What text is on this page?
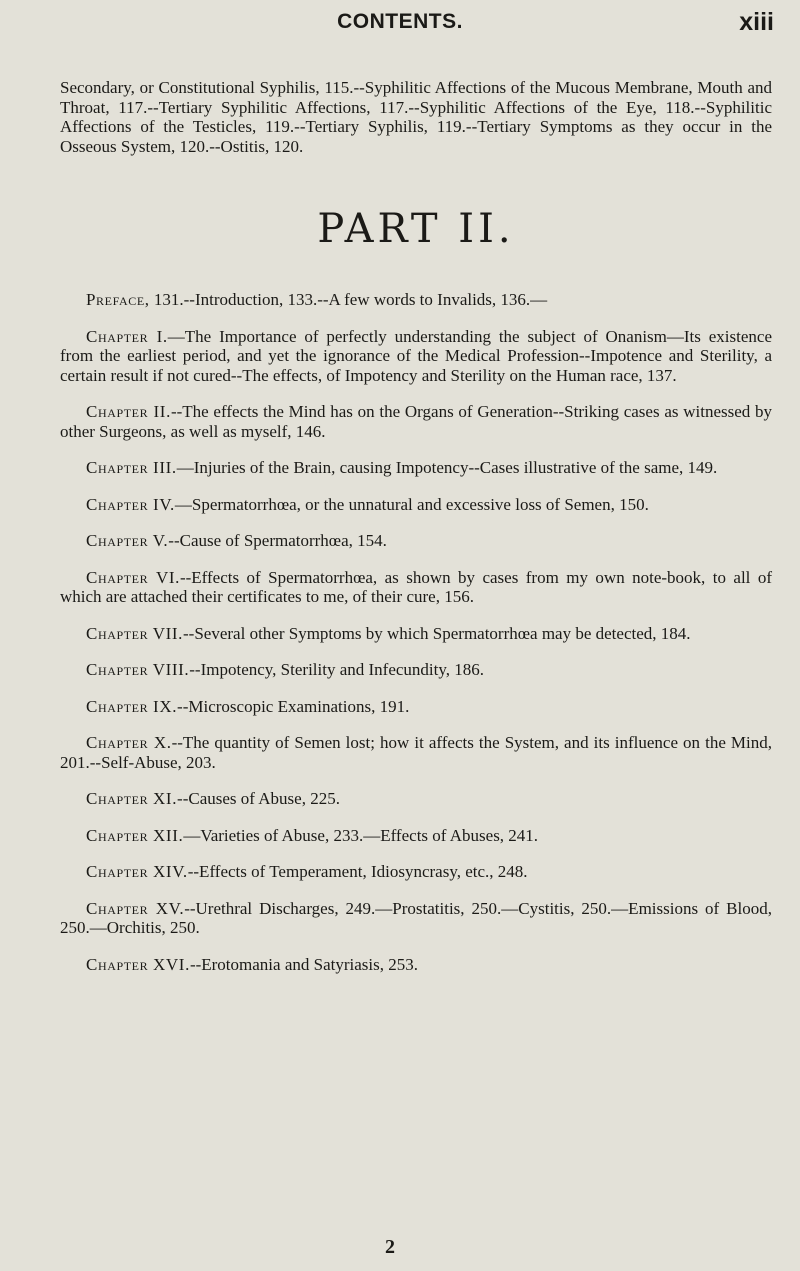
CONTENTS.	xiii

Secondary, or Constitutional Syphilis, 115.--Syphilitic Affections of the Mucous Membrane, Mouth and Throat, 117.--Tertiary Syphilitic Affections, 117.--Syphilitic Affections of the Eye, 118.--Syphilitic Affections of the Testicles, 119.--Tertiary Syphilis, 119.--Tertiary Symptoms as they occur in the Osseous System, 120.--Ostitis, 120.

PART II.

Preface, 131.--Introduction, 133.--A few words to Invalids, 136.—

Chapter I.—The Importance of perfectly understanding the subject of Onanism—Its existence from the earliest period, and yet the ignorance of the Medical Profession--Impotence and Sterility, a certain result if not cured--The effects, of Impotency and Sterility on the Human race, 137.

Chapter II.--The effects the Mind has on the Organs of Generation--Striking cases as witnessed by other Surgeons, as well as myself, 146.

Chapter III.—Injuries of the Brain, causing Impotency--Cases illustrative of the same, 149.

Chapter IV.—Spermatorrhœa, or the unnatural and excessive loss of Semen, 150.

Chapter V.--Cause of Spermatorrhœa, 154.

Chapter VI.--Effects of Spermatorrhœa, as shown by cases from my own note-book, to all of which are attached their certificates to me, of their cure, 156.

Chapter VII.--Several other Symptoms by which Spermatorrhœa may be detected, 184.

Chapter VIII.--Impotency, Sterility and Infecundity, 186.

Chapter IX.--Microscopic Examinations, 191.

Chapter X.--The quantity of Semen lost; how it affects the System, and its influence on the Mind, 201.--Self-Abuse, 203.

Chapter XI.--Causes of Abuse, 225.

Chapter XII.—Varieties of Abuse, 233.—Effects of Abuses, 241.

Chapter XIV.--Effects of Temperament, Idiosyncrasy, etc., 248.

Chapter XV.--Urethral Discharges, 249.—Prostatitis, 250.—Cystitis, 250.—Emissions of Blood, 250.—Orchitis, 250.

Chapter XVI.--Erotomania and Satyriasis, 253.

2
